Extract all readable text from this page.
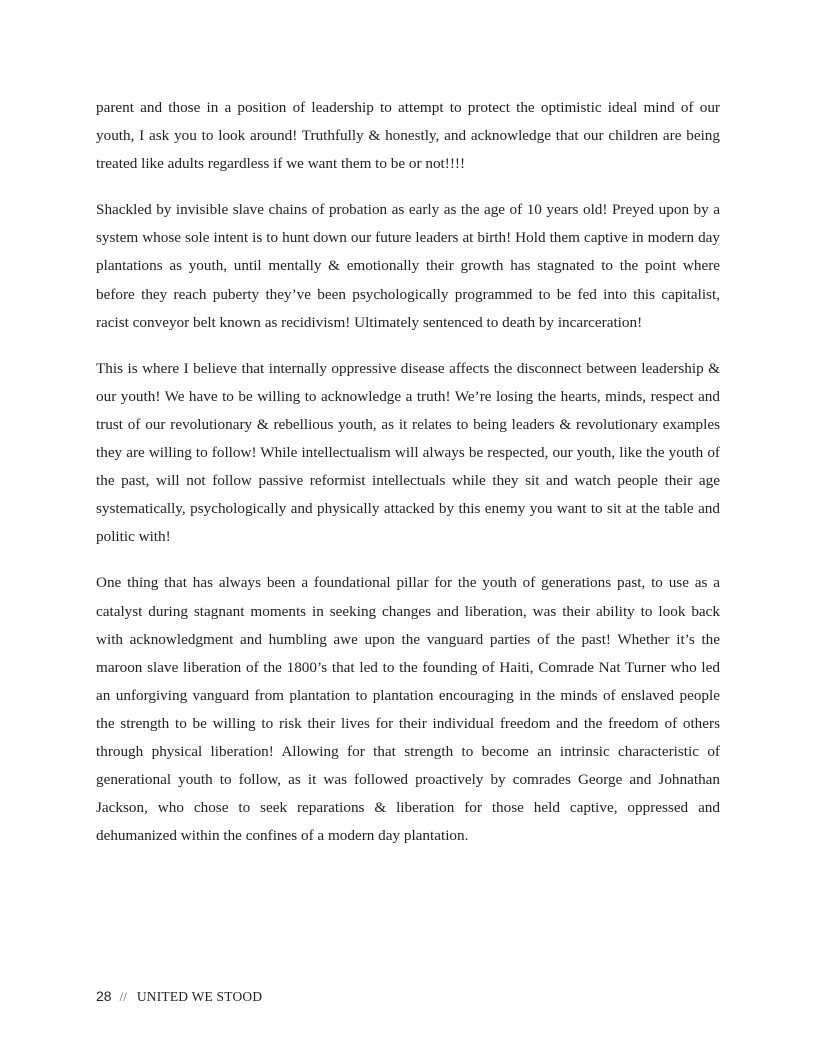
parent and those in a position of leadership to attempt to protect the optimistic ideal mind of our youth, I ask you to look around! Truthfully & honestly, and acknowledge that our children are being treated like adults regardless if we want them to be or not!!!!

Shackled by invisible slave chains of probation as early as the age of 10 years old! Preyed upon by a system whose sole intent is to hunt down our future leaders at birth! Hold them captive in modern day plantations as youth, until mentally & emotionally their growth has stagnated to the point where before they reach puberty they’ve been psychologically programmed to be fed into this capitalist, racist conveyor belt known as recidivism! Ultimately sentenced to death by incarceration!

This is where I believe that internally oppressive disease affects the disconnect between leadership & our youth! We have to be willing to acknowledge a truth! We’re losing the hearts, minds, respect and trust of our revolutionary & rebellious youth, as it relates to being leaders & revolutionary examples they are willing to follow! While intellectualism will always be respected, our youth, like the youth of the past, will not follow passive reformist intellectuals while they sit and watch people their age systematically, psychologically and physically attacked by this enemy you want to sit at the table and politic with!

One thing that has always been a foundational pillar for the youth of generations past, to use as a catalyst during stagnant moments in seeking changes and liberation, was their ability to look back with acknowledgment and humbling awe upon the vanguard parties of the past! Whether it’s the maroon slave liberation of the 1800’s that led to the founding of Haiti, Comrade Nat Turner who led an unforgiving vanguard from plantation to plantation encouraging in the minds of enslaved people the strength to be willing to risk their lives for their individual freedom and the freedom of others through physical liberation! Allowing for that strength to become an intrinsic characteristic of generational youth to follow, as it was followed proactively by comrades George and Johnathan Jackson, who chose to seek reparations & liberation for those held captive, oppressed and dehumanized within the confines of a modern day plantation.

28 // UNITED WE STOOD
